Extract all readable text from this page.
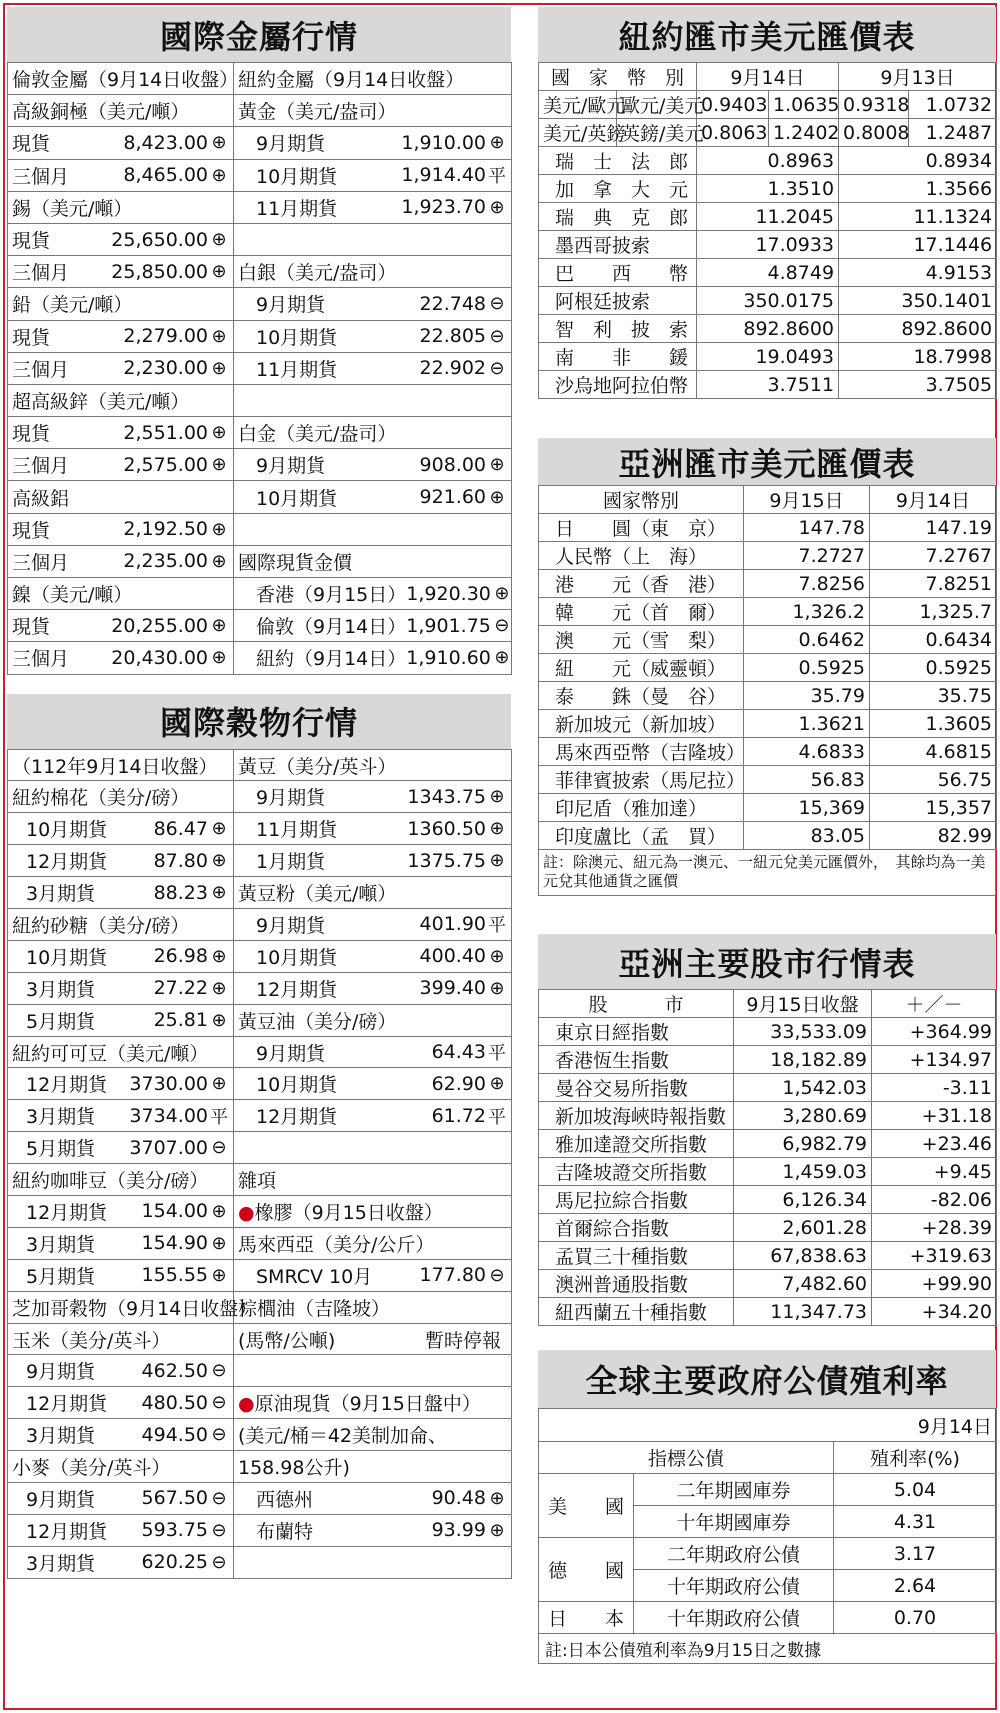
國際金屬行情
倫敦金屬（9月14日收盤）	紐約金屬（9月14日收盤）

高級銅極（美元/噸）	黃金（美元/盎司）

現貨 8,423.00 ⊕	9月期貨 1,910.00 ⊕

三個月 8,465.00 ⊕	10月期貨 1,914.40 平

錫（美元/噸）	11月期貨 1,923.70 ⊕

現貨 25,650.00 ⊕	

三個月 25,850.00 ⊕	白銀（美元/盎司）

鉛（美元/噸）	9月期貨 22.748 ⊖

現貨 2,279.00 ⊕	10月期貨 22.805 ⊖

三個月 2,230.00 ⊕	11月期貨 22.902 ⊖

超高級鋅（美元/噸）	

現貨 2,551.00 ⊕	白金（美元/盎司）

三個月 2,575.00 ⊕	9月期貨 908.00 ⊕

高級鋁	10月期貨 921.60 ⊕

現貨 2,192.50 ⊕	

三個月 2,235.00 ⊕	國際現貨金價

鎳（美元/噸）	香港（9月15日） 1,920.30 ⊕

現貨 20,255.00 ⊕	倫敦（9月14日） 1,901.75 ⊖

三個月 20,430.00 ⊕	紐約（9月14日） 1,910.60 ⊕
國際穀物行情
（112年9月14日收盤）	黃豆（美分/英斗）

紐約棉花（美分/磅）	9月期貨 1343.75 ⊕

10月期貨 86.47 ⊕	11月期貨 1360.50 ⊕

12月期貨 87.80 ⊕	1月期貨 1375.75 ⊕

3月期貨 88.23 ⊕	黃豆粉（美元/噸）

紐約砂糖（美分/磅）	9月期貨 401.90 平

10月期貨 26.98 ⊕	10月期貨 400.40 ⊕

3月期貨 27.22 ⊕	12月期貨 399.40 ⊕

5月期貨 25.81 ⊕	黃豆油（美分/磅）

紐約可可豆（美元/噸）	9月期貨 64.43 平

12月期貨 3730.00 ⊕	10月期貨 62.90 ⊕

3月期貨 3734.00 平	12月期貨 61.72 平

5月期貨 3707.00 ⊖	

紐約咖啡豆（美分/磅）	雜項

12月期貨 154.00 ⊕	●橡膠（9月15日收盤）

3月期貨 154.90 ⊕	馬來西亞（美分/公斤）

5月期貨 155.55 ⊕	SMRCV 10月 177.80 ⊖

芝加哥穀物（9月14日收盤）	棕櫚油（吉隆坡）

玉米（美分/英斗）	(馬幣/公噸) 暫時停報

9月期貨 462.50 ⊖	

12月期貨 480.50 ⊖	●原油現貨（9月15日盤中）

3月期貨 494.50 ⊖	(美元/桶＝42美制加侖、

小麥（美分/英斗）	158.98公升)

9月期貨 567.50 ⊖	西德州 90.48 ⊕

12月期貨 593.75 ⊖	布蘭特 93.99 ⊕

3月期貨 620.25 ⊖	

紐約匯市美元匯價表
國　家　幣　別		9月14日		9月13日	
美元/歐元	歐元/美元	0.9403	1.0635	0.9318	1.0732
美元/英鎊	英鎊/美元	0.8063	1.2402	0.8008	1.2487
瑞　士　法　郎		0.8963		0.8934	
加　拿　大　元		1.3510		1.3566	
瑞　典　克　郎		11.2045		11.1324	
墨西哥披索		17.0933		17.1446	
巴　　西　　幣		4.8749		4.9153	
阿根廷披索		350.0175		350.1401	
智　利　披　索		892.8600		892.8600	
南　　非　　鍰		19.0493		18.7998	
沙烏地阿拉伯幣		3.7511		3.7505	
亞洲匯市美元匯價表
國家幣別	9月15日	9月14日
日　　圓（東　京）	147.78	147.19
人民幣（上　海）	7.2727	7.2767
港　　元（香　港）	7.8256	7.8251
韓　　元（首　爾）	1,326.2	1,325.7
澳　　元（雪　梨）	0.6462	0.6434
紐　　元（威靈頓）	0.5925	0.5925
泰　　銖（曼　谷）	35.79	35.75
新加坡元（新加坡）	1.3621	1.3605
馬來西亞幣（吉隆坡）	4.6833	4.6815
菲律賓披索（馬尼拉）	56.83	56.75
印尼盾（雅加達）	15,369	15,357
印度盧比（孟　買）	83.05	82.99
註：除澳元、紐元為一澳元、一紐元兌美元匯價外，　其餘均為一美元兌其他通貨之匯價
亞洲主要股市行情表
股　　　市	9月15日收盤	＋／－
東京日經指數	33,533.09	+364.99
香港恆生指數	18,182.89	+134.97
曼谷交易所指數	1,542.03	-3.11
新加坡海峽時報指數	3,280.69	+31.18
雅加達證交所指數	6,982.79	+23.46
吉隆坡證交所指數	1,459.03	+9.45
馬尼拉綜合指數	6,126.34	-82.06
首爾綜合指數	2,601.28	+28.39
孟買三十種指數	67,838.63	+319.63
澳洲普通股指數	7,482.60	+99.90
紐西蘭五十種指數	11,347.73	+34.20
全球主要政府公債殖利率
9月14日		
指標公債		殖利率(%)
美　　國	二年期國庫券	5.04
	十年期國庫券	4.31
德　　國	二年期政府公債	3.17
	十年期政府公債	2.64
日　　本	十年期政府公債	0.70
註:日本公債殖利率為9月15日之數據
